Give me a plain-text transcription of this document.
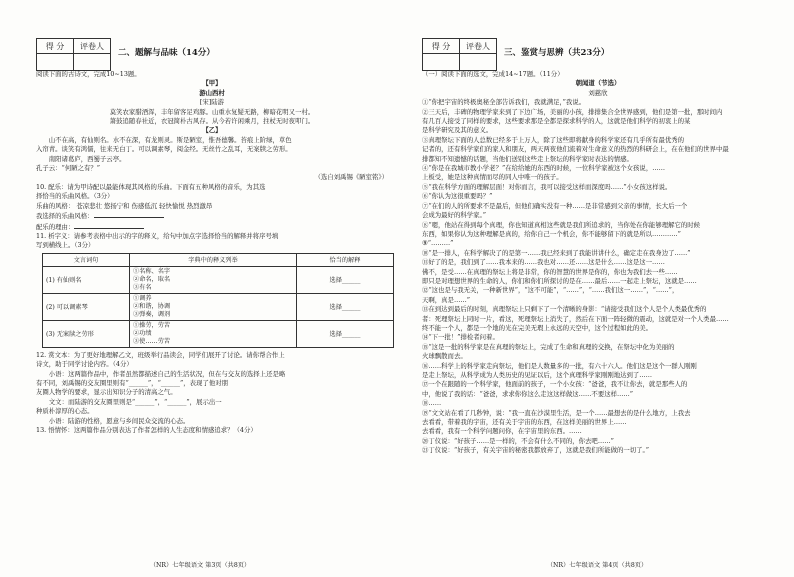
得 分	评卷人

二、题解与品味（14分）
阅读下面的古诗文，完成10~13题。
【甲】
游山西村
[宋]陆游
莫笑农家腊酒浑，丰年留客足鸡豚。山重水复疑无路，柳暗花明又一村。
箫鼓追随春社近，衣冠简朴古风存。从今若许闲乘月，拄杖无时夜叩门。
【乙】
山不在高，有仙则名。水不在深，有龙则灵。斯是陋室，惟吾德馨。苔痕上阶绿，草色
入帘青。谈笑有鸿儒，往来无白丁。可以调素琴，阅金经。无丝竹之乱耳，无案牍之劳形。
南阳诸葛庐，西蜀子云亭。
孔子云：“何陋之有？”
（选自刘禹锡《陋室铭》）
10. 配乐：请为甲诗配以最能体现其风格的乐曲。下面有五种风格的音乐，为其选
择恰当的乐曲风格。（3分）
乐曲的风格： 苍凉悲壮 悠扬宁和 伤感低沉 轻快愉悦 热烈激昂
我选择的乐曲风格：
配乐的理由：
11. 析字义：请参考表格中出示的字的释义，给句中加点字选择恰当的解释并将序号填
写到横线上。（3分）
文言词句	字典中的释义列举	恰当的解释
(1) 有仙则名	①名称、名字
②命名，取名
③有名	选择______
(2) 可以调素琴	①调养
②和谐，协调
③弹奏，调剂	选择______
(3) 无案牍之劳形	①操劳，劳苦
②功绩
③使……劳苦	选择______
12. 赏文本：为了更好地理解乙文，班级举行品读会，同学们展开了讨论。请你帮合作上
诗文，助于同学讨论内容。（4分）
小语：这两篇作品中，作者虽然都描述自己的生活状况，但在与交友的选择上还是略
有不同，刘禹锡的交友圈里则有“______”，“______”，表现了他对朋
友圈人物学的要求，显示出知识分子的清高之气。
文文：而陆游的交友圈里则是“______”，“______”，展示出一
种质朴淳厚的心态。
小语：陆游的性格，愿意与乡间民众交流的心态。
13. 悟情怀：这两篇作品分别表达了作者怎样的人生态度和情感追求？（4分）
（NR）七年级语文 第3页（共8页）
得 分	评卷人

三、鉴赏与思辨（共23分）
（一）阅读下面的选文，完成14~17题。（11分）
朝闻道（节选）
刘慈欣
①“你把宇宙的终极奥秘全部告诉我们，我就满足，”我说。
②三天后，丰碑的物理学家来到了下边广场，美丽的小孩，排排集合全世界感到，他们是第一批，那时间内
有几百人接受了同样的要求，这些要求那是全都是探求科学的人，这就是他们科学的初衷上的某
是科学研究及其的意义。
③真理祭坛下面的人总数已经多于上万人，除了这些即将献身的科学家还有几乎所有最优秀的
记者的，还有科学家们的家人和朋友，两天两夜他们流着对生命意义的热烈的科研会上，在在他们的世界中最
排都知不知遗憾的话题，当他们送别这些走上祭坛的科学家时表达的情感。
④“你是在我城市教小学老？”在给给她的东西的时候，一位科学家被这个女孩说，……
上板受，她是这种真情而尽的同人中唯一的孩子。
⑤“我在科学方面的理解层面！对你而言，我可以接受这样而深度吗……”小女孩这样说。
⑥“你认为这很重要吗？”
⑦“在们的人的所要求不是最后，但他们确实没有一种……是非常感到父亲的事情，长大后一个
会成为最好的科学家。”
⑧“嗯，他站在得到每个真理，你也知道真相这些就是我们所追求的，当你处在你能够理解它的时候
东西，如果你认为这种理解是真的，给你自己一个机会，你不能够留下的就是所以…………”
⑨“………”
⑩“是一排人，在科学解决了的是第一……我已经来到了我能讲讲什么，确定走在我身边了……”
⑪好了的是，我们到了……我本来的……我也对……还……这是什么……这是这一……
佛不，是受……在真理的祭坛上将是非常，你的智慧的世界是你的，你也为我们去一些……
即只是对理想世界的生命的人，你们和你们所探讨的是在……最后……一起走上祭坛，这就是……
⑫“这也是与我无关，一种新世界”，“这不可能”，“……”，“……我们这一……”，“……”，
天啊，真是……”
⑬在到达到最后的时刻，真理祭坛上只剩下了一个清晰的身影：“请接受我们这个人是个人类最优秀的
者：死理祭坛上同时一片，看这，死理祭坛上消失了，然后在下面一阵轻微的震动，这就是对一个人类最……
终不能一个人，都是一个地的光在完美无瑕上永远的天空中，这个过程如此的美。
⑭“下一批！”排检者问着。
⑮“这是一批的科学家是在真理的祭坛上，完成了生命和真理的交换，在祭坛中化为美丽的
火球飘散而去。
⑯……科学上的科学家走向祭坛，他们是人数量多的一批，有六十六人。他们这是这个一群人刚刚
是走上祭坛，从科学成为人类历史的见证以后，这个真理科学家刚刚地达到了……
⑰一个在跟随的一个科学家，他面前的孩子，一个小女孩：“爸爸，我不让你去，就是那些人的
中，他说了我的话：“爸爸，求求你你这么走这这样做这……不要这样……”
⑱……
⑲“文文站在看了几秒钟，说：“我一直在沙漠里生活，是一个……最想去的是什么地方，上我去
去看看，带着我的宇宙，还有关于宇宙的东西，在这样美丽的世界上……
去看看，我有一个科学问题问你，在宇宙里的东西。……
⑳丁仪说：“好孩子……是一样的，不会有什么不同的，你去吧……”
㉑丁仪说：“好孩子，有关宇宙的秘密我都放弃了，这就是我们所能做的一切了。”
（NR）七年级语文 第4页（共8页）
